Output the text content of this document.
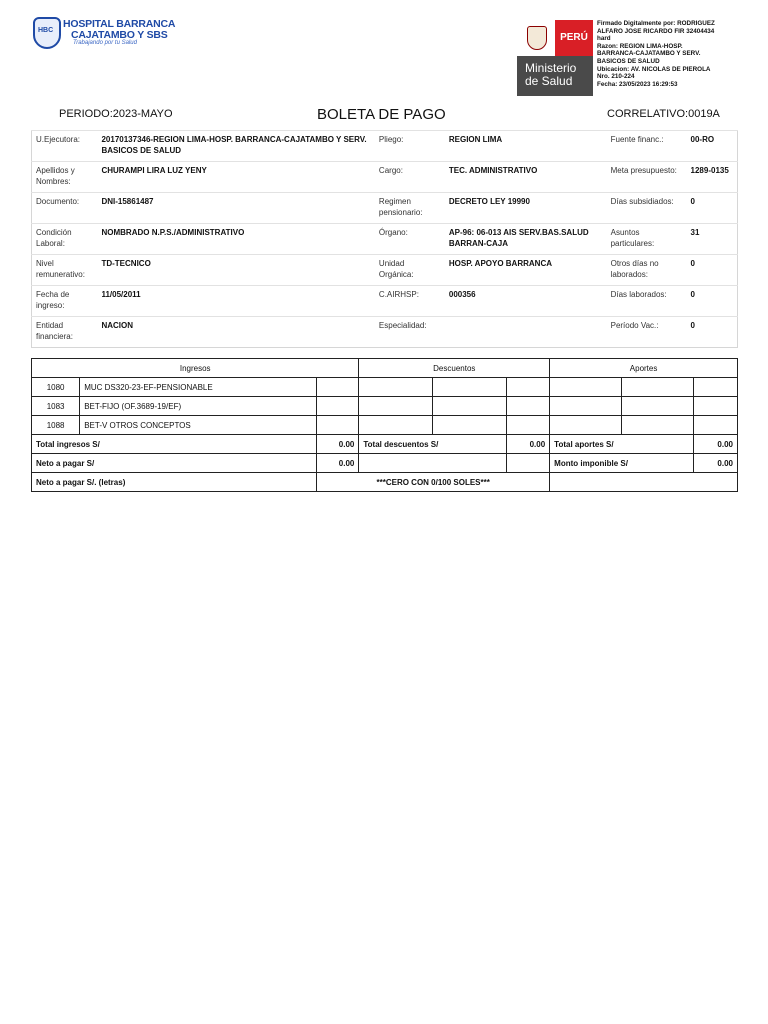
HBC
HOSPITAL BARRANCA
CAJATAMBO Y SBS
Trabajando por tu Salud	PERÚ
Ministerio
de Salud
Firmado Digitalmente por: RODRIGUEZ
ALFARO JOSE RICARDO FIR 32404434
hard
Razon: REGION LIMA-HOSP.
BARRANCA-CAJATAMBO Y SERV.
BASICOS DE SALUD
Ubicacion: AV. NICOLAS DE PIEROLA
Nro. 210-224
Fecha: 23/05/2023 16:29:53
PERIODO:2023-MAYO	BOLETA DE PAGO	CORRELATIVO:0019A
U.Ejecutora:	20170137346-REGION LIMA-HOSP. BARRANCA-CAJATAMBO Y SERV. BASICOS DE SALUD	Pliego:	REGION LIMA	Fuente financ.:	00-RO
Apellidos y Nombres:	CHURAMPI LIRA LUZ YENY	Cargo:	TEC. ADMINISTRATIVO	Meta presupuesto:	1289-0135
Documento:	DNI-15861487	Regimen pensionario:	DECRETO LEY 19990	Días subsidiados:	0
Condición Laboral:	NOMBRADO N.P.S./ADMINISTRATIVO	Órgano:	AP-96: 06-013 AIS SERV.BAS.SALUD BARRAN-CAJA	Asuntos particulares:	31
Nivel remunerativo:	TD-TECNICO	Unidad Orgánica:	HOSP. APOYO BARRANCA	Otros días no laborados:	0
Fecha de ingreso:	11/05/2011	C.AIRHSP:	000356	Días laborados:	0
Entidad financiera:	NACION	Especialidad:		Período Vac.:	0
Ingresos			Descuentos			Aportes		
1080	MUC DS320-23-EF-PENSIONABLE							
1083	BET-FIJO (OF.3689-19/EF)							
1088	BET-V OTROS CONCEPTOS							
Total ingresos S/		0.00	Total descuentos S/		0.00	Total aportes S/		0.00
Neto a pagar S/		0.00				Monto imponible S/		0.00
Neto a pagar S/. (letras)		***CERO CON 0/100 SOLES***						
